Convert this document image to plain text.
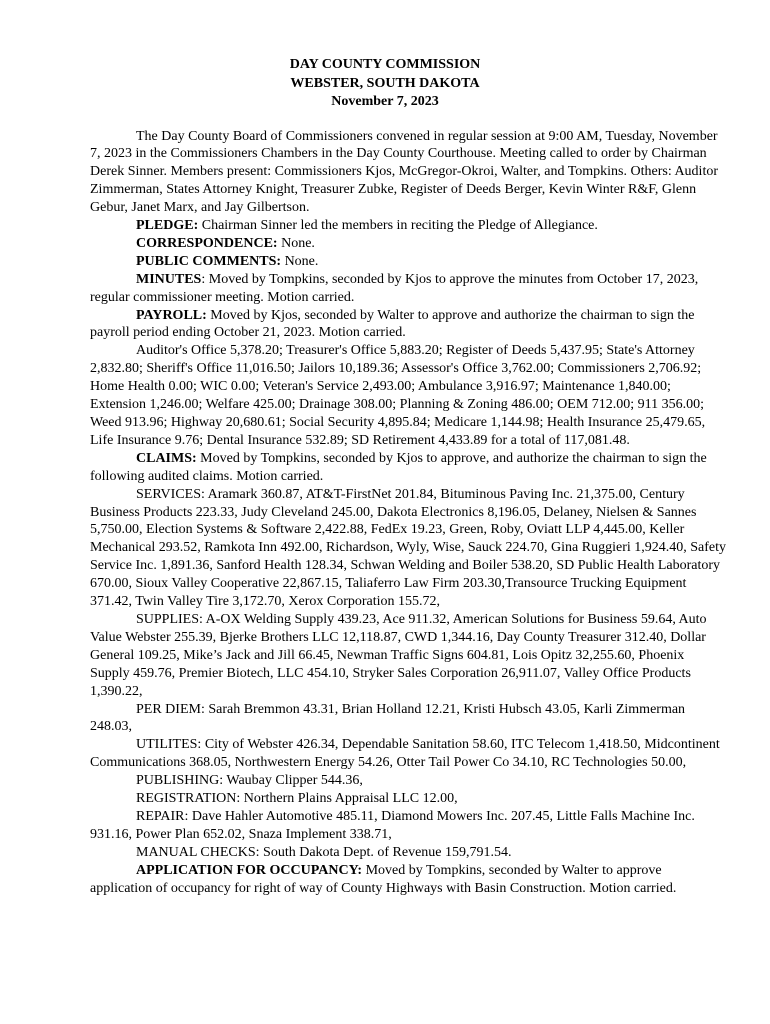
DAY COUNTY COMMISSION
WEBSTER, SOUTH DAKOTA
November 7, 2023

The Day County Board of Commissioners convened in regular session at 9:00 AM, Tuesday, November 7, 2023 in the Commissioners Chambers in the Day County Courthouse. Meeting called to order by Chairman Derek Sinner. Members present: Commissioners Kjos, McGregor-Okroi, Walter, and Tompkins. Others: Auditor Zimmerman, States Attorney Knight, Treasurer Zubke, Register of Deeds Berger, Kevin Winter R&F, Glenn Gebur, Janet Marx, and Jay Gilbertson.

PLEDGE: Chairman Sinner led the members in reciting the Pledge of Allegiance.

CORRESPONDENCE: None.

PUBLIC COMMENTS: None.

MINUTES: Moved by Tompkins, seconded by Kjos to approve the minutes from October 17, 2023, regular commissioner meeting. Motion carried.

PAYROLL: Moved by Kjos, seconded by Walter to approve and authorize the chairman to sign the payroll period ending October 21, 2023. Motion carried.

Auditor's Office 5,378.20; Treasurer's Office 5,883.20; Register of Deeds 5,437.95; State's Attorney 2,832.80; Sheriff's Office 11,016.50; Jailors 10,189.36; Assessor's Office 3,762.00; Commissioners 2,706.92; Home Health 0.00; WIC 0.00; Veteran's Service 2,493.00; Ambulance 3,916.97; Maintenance 1,840.00; Extension 1,246.00; Welfare 425.00; Drainage 308.00; Planning & Zoning 486.00; OEM 712.00; 911 356.00; Weed 913.96; Highway 20,680.61; Social Security 4,895.84; Medicare 1,144.98; Health Insurance 25,479.65, Life Insurance 9.76; Dental Insurance 532.89; SD Retirement 4,433.89 for a total of 117,081.48.

CLAIMS: Moved by Tompkins, seconded by Kjos to approve, and authorize the chairman to sign the following audited claims. Motion carried.

SERVICES: Aramark 360.87, AT&T-FirstNet 201.84, Bituminous Paving Inc. 21,375.00, Century Business Products 223.33, Judy Cleveland 245.00, Dakota Electronics 8,196.05, Delaney, Nielsen & Sannes 5,750.00, Election Systems & Software 2,422.88, FedEx 19.23, Green, Roby, Oviatt LLP 4,445.00, Keller Mechanical 293.52, Ramkota Inn 492.00, Richardson, Wyly, Wise, Sauck 224.70, Gina Ruggieri 1,924.40, Safety Service Inc. 1,891.36, Sanford Health 128.34, Schwan Welding and Boiler 538.20, SD Public Health Laboratory 670.00, Sioux Valley Cooperative 22,867.15, Taliaferro Law Firm 203.30,Transource Trucking Equipment 371.42, Twin Valley Tire 3,172.70, Xerox Corporation 155.72,

SUPPLIES: A-OX Welding Supply 439.23, Ace 911.32, American Solutions for Business 59.64, Auto Value Webster 255.39, Bjerke Brothers LLC 12,118.87, CWD 1,344.16, Day County Treasurer 312.40, Dollar General 109.25, Mike’s Jack and Jill 66.45, Newman Traffic Signs 604.81, Lois Opitz 32,255.60, Phoenix Supply 459.76, Premier Biotech, LLC 454.10, Stryker Sales Corporation 26,911.07, Valley Office Products 1,390.22,

PER DIEM: Sarah Bremmon 43.31, Brian Holland 12.21, Kristi Hubsch 43.05, Karli Zimmerman 248.03,

UTILITES: City of Webster 426.34, Dependable Sanitation 58.60, ITC Telecom 1,418.50, Midcontinent Communications 368.05, Northwestern Energy 54.26, Otter Tail Power Co 34.10, RC Technologies 50.00,

PUBLISHING: Waubay Clipper 544.36,

REGISTRATION: Northern Plains Appraisal LLC 12.00,

REPAIR: Dave Hahler Automotive 485.11, Diamond Mowers Inc. 207.45, Little Falls Machine Inc. 931.16, Power Plan 652.02, Snaza Implement 338.71,

MANUAL CHECKS: South Dakota Dept. of Revenue 159,791.54.

APPLICATION FOR OCCUPANCY: Moved by Tompkins, seconded by Walter to approve application of occupancy for right of way of County Highways with Basin Construction. Motion carried.
